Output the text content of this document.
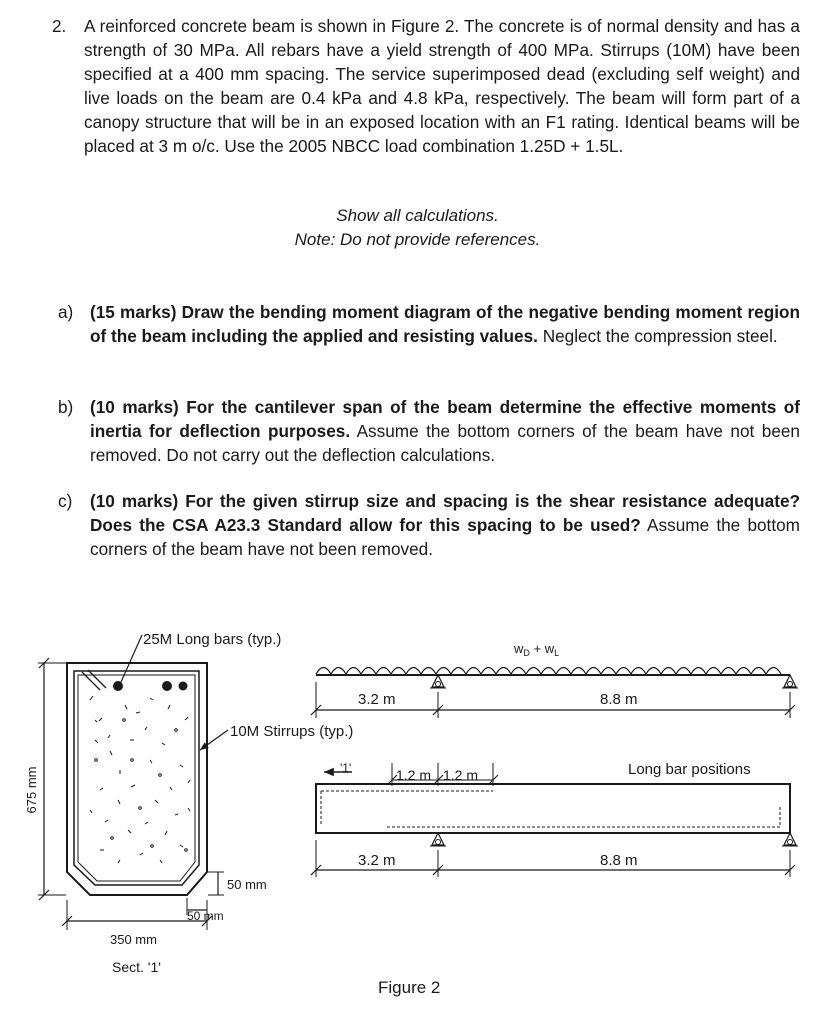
2. A reinforced concrete beam is shown in Figure 2. The concrete is of normal density and has a strength of 30 MPa. All rebars have a yield strength of 400 MPa. Stirrups (10M) have been specified at a 400 mm spacing. The service superimposed dead (excluding self weight) and live loads on the beam are 0.4 kPa and 4.8 kPa, respectively. The beam will form part of a canopy structure that will be in an exposed location with an F1 rating. Identical beams will be placed at 3 m o/c. Use the 2005 NBCC load combination 1.25D + 1.5L.
Show all calculations.
Note: Do not provide references.
a) (15 marks) Draw the bending moment diagram of the negative bending moment region of the beam including the applied and resisting values. Neglect the compression steel.
b) (10 marks) For the cantilever span of the beam determine the effective moments of inertia for deflection purposes. Assume the bottom corners of the beam have not been removed. Do not carry out the deflection calculations.
c) (10 marks) For the given stirrup size and spacing is the shear resistance adequate? Does the CSA A23.3 Standard allow for this spacing to be used? Assume the bottom corners of the beam have not been removed.
25M Long bars (typ.)
10M Stirrups (typ.)
675 mm
350 mm
50 mm
50 mm
Sect. '1'
$w_D + w_L$
3.2 m	8.8 m
'1'	1.2 m 1.2 m	Long bar positions
3.2 m	8.8 m
Figure 2
